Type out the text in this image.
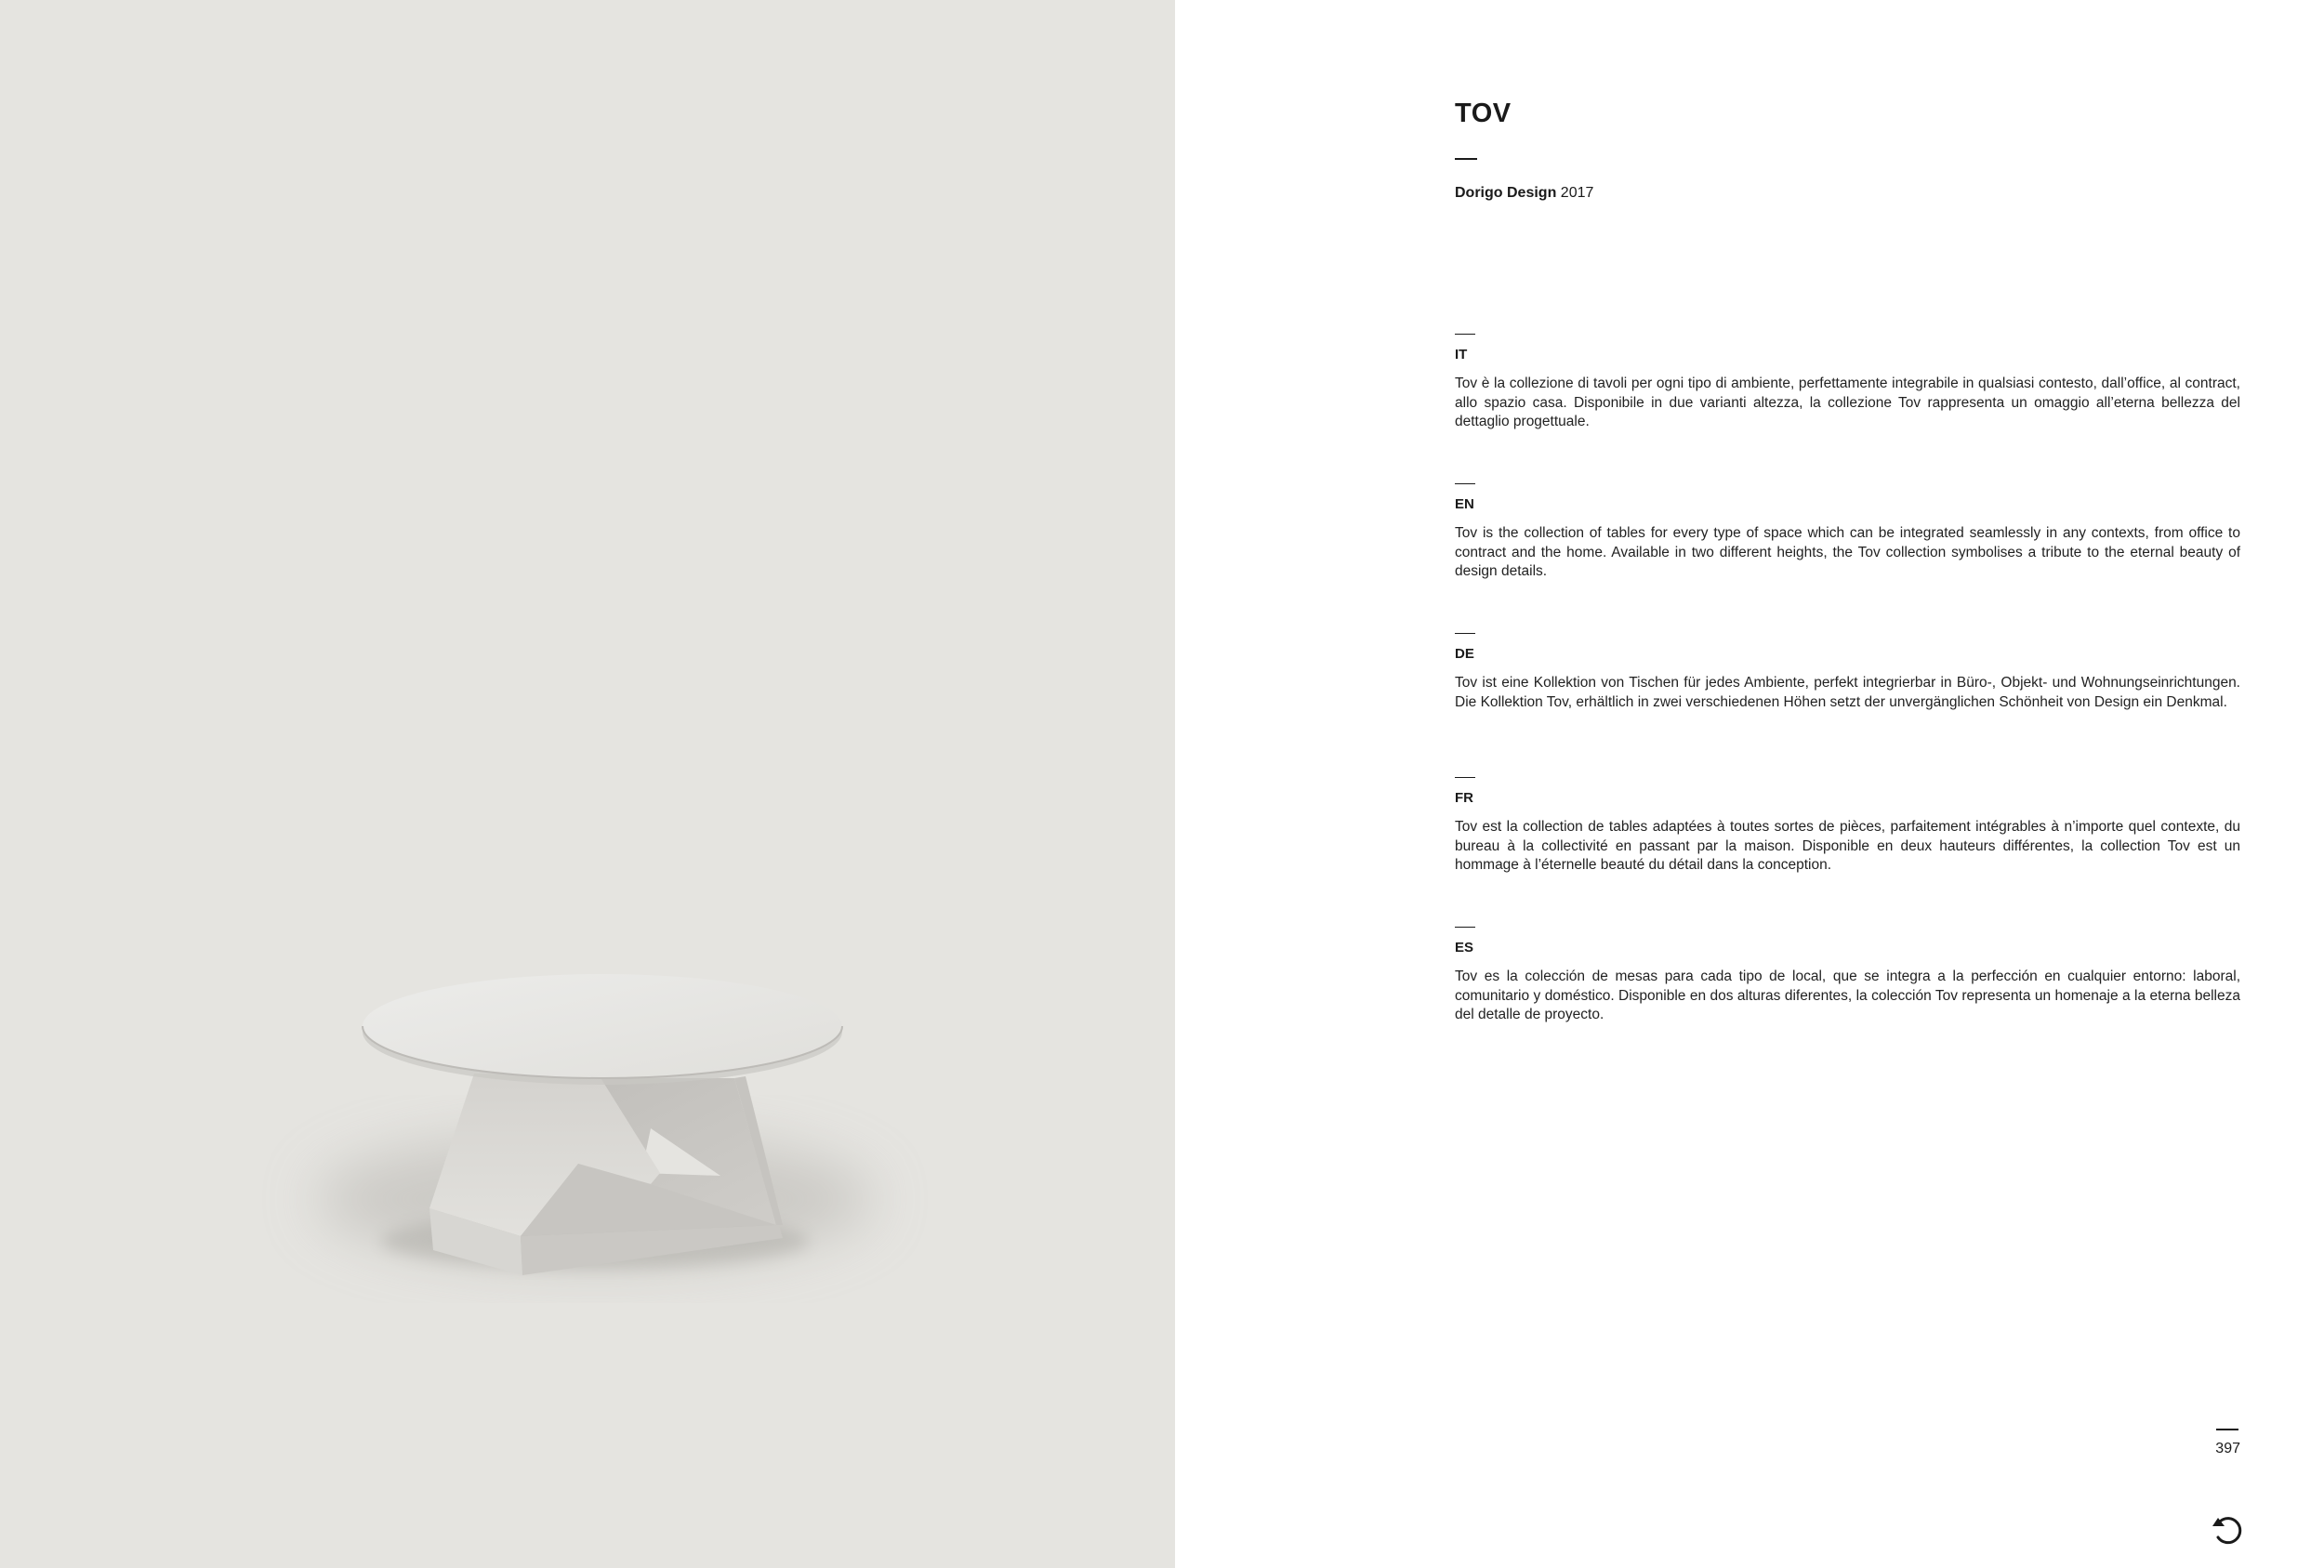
TOV
Dorigo Design 2017
IT

Tov è la collezione di tavoli per ogni tipo di ambiente, perfettamente integrabile in qualsiasi contesto, dall’office, al contract, allo spazio casa. Disponibile in due varianti altezza, la collezione Tov rappresenta un omaggio all’eterna bellezza del dettaglio progettuale.

EN

Tov is the collection of tables for every type of space which can be integrated seamlessly in any contexts, from office to contract and the home. Available in two different heights, the Tov collection symbolises a tribute to the eternal beauty of design details.

DE

Tov ist eine Kollektion von Tischen für jedes Ambiente, perfekt integrierbar in Büro-, Objekt- und Wohnungseinrichtungen. Die Kollektion Tov, erhältlich in zwei verschiedenen Höhen setzt der unvergänglichen Schönheit von Design ein Denkmal.

FR

Tov est la collection de tables adaptées à toutes sortes de pièces, parfaitement intégrables à n’importe quel contexte, du bureau à la collectivité en passant par la maison. Disponible en deux hauteurs différentes, la collection Tov est un hommage à l’éternelle beauté du détail dans la conception.

ES

Tov es la colección de mesas para cada tipo de local, que se integra a la perfección en cualquier entorno: laboral, comunitario y doméstico. Disponible en dos alturas diferentes, la colección Tov representa un homenaje a la eterna belleza del detalle de proyecto.

397
